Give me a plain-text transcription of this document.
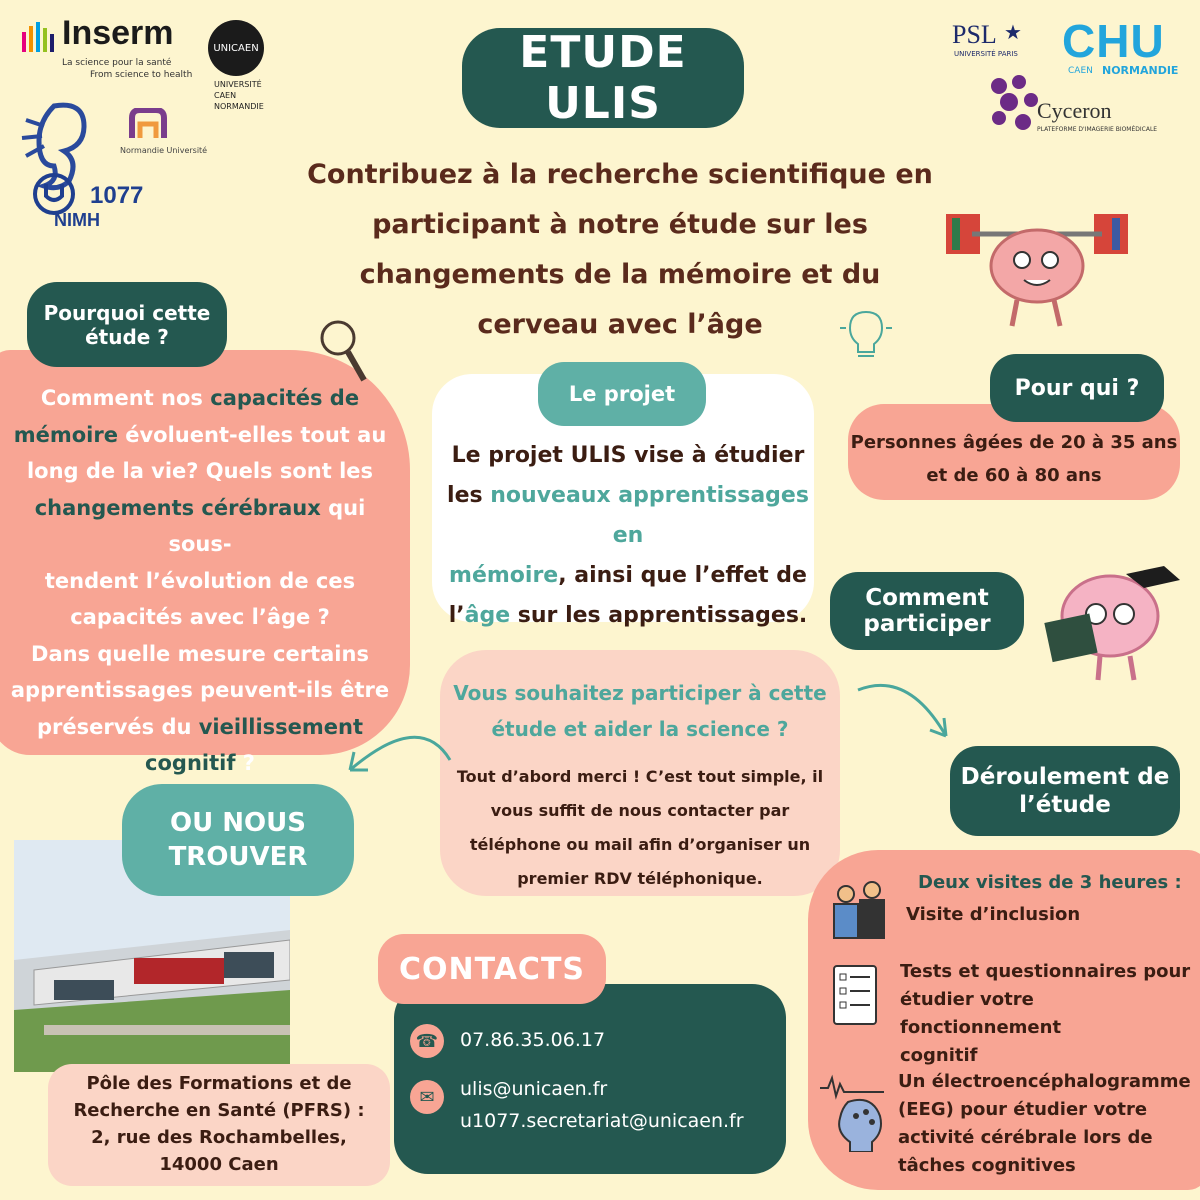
Inserm
La science pour la santé
From science to health
UNICAEN
UNIVERSITÉ
CAEN
NORMANDIE
Normandie Université
1077
NIMH
PSL ★
UNIVERSITÉ PARIS CHU
CAEN NORMANDIE
Cyceron
PLATEFORME D'IMAGERIE BIOMÉDICALE
ETUDE ULIS
Contribuez à la recherche scientifique en
participant à notre étude sur les
changements de la mémoire et du
cerveau avec l’âge
Pourquoi cette
étude ?
Comment nos capacités de
mémoire évoluent-elles tout au
long de la vie? Quels sont les
changements cérébraux qui sous-
tendent l’évolution de ces
capacités avec l’âge ?
Dans quelle mesure certains
apprentissages peuvent-ils être
préservés du vieillissement
cognitif ?
Le projet
Le projet ULIS vise à étudier
les nouveaux apprentissages en
mémoire, ainsi que l’effet de
l’âge sur les apprentissages.
Pour qui ?
Personnes âgées de 20 à 35 ans
et de 60 à 80 ans
Comment
participer
Vous souhaitez participer à cette
étude et aider la science ?
Tout d’abord merci ! C’est tout simple, il
vous suffit de nous contacter par
téléphone ou mail afin d’organiser un
premier RDV téléphonique.
Déroulement de
l’étude
Deux visites de 3 heures :
Visite d’inclusion
Tests et questionnaires pour
étudier votre fonctionnement
cognitif
Un électroencéphalogramme
(EEG) pour étudier votre
activité cérébrale lors de
tâches cognitives
OU NOUS
TROUVER
Pôle des Formations et de
Recherche en Santé (PFRS) :
2, rue des Rochambelles,
14000 Caen
CONTACTS
☎	07.86.35.06.17
✉	ulis@unicaen.fr
u1077.secretariat@unicaen.fr
